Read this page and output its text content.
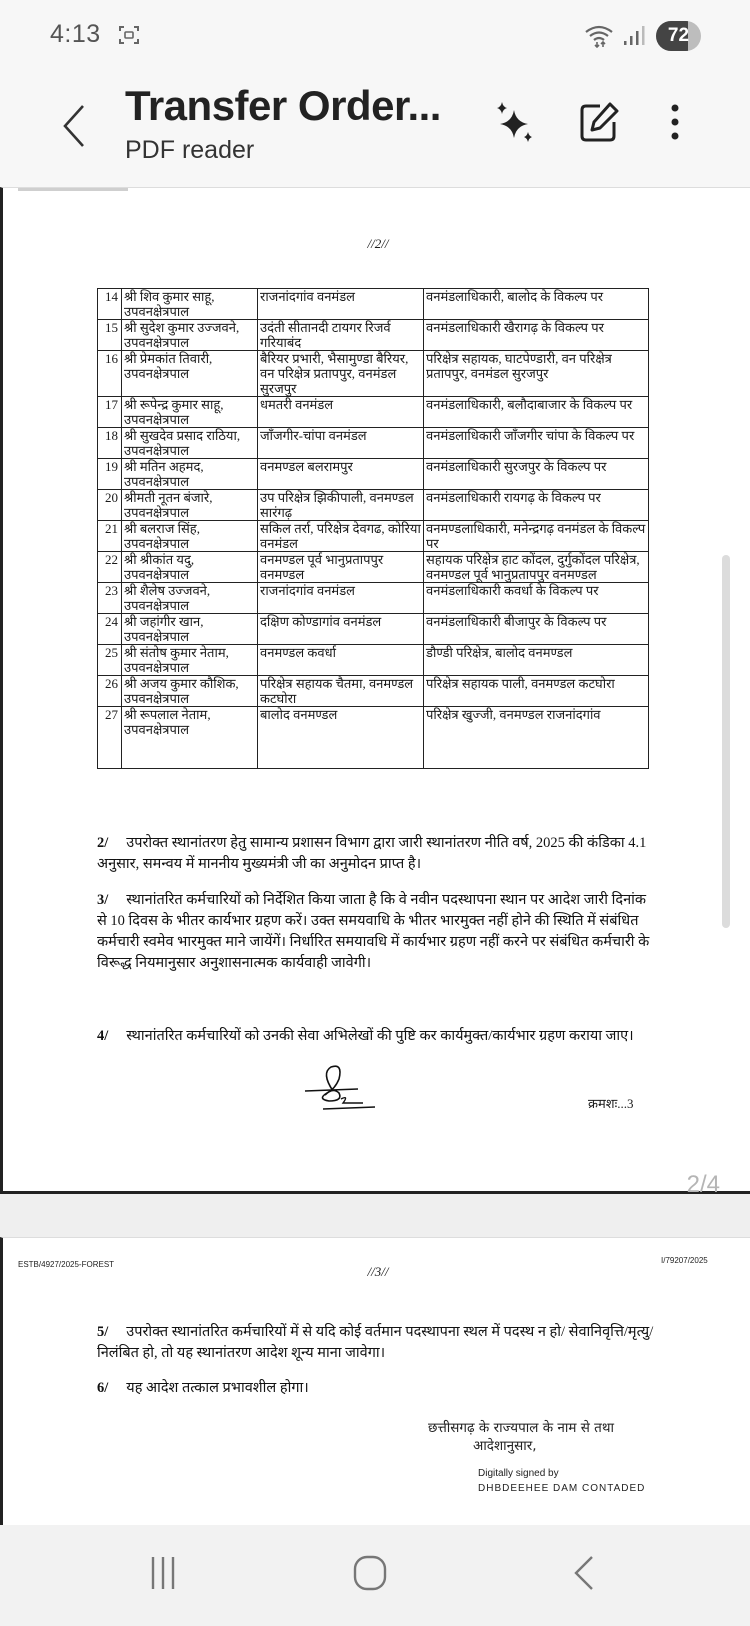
4:13	72
Transfer Order...
PDF reader
//2//
14	श्री शिव कुमार साहू, उपवनक्षेत्रपाल	राजनांदगांव वनमंडल	वनमंडलाधिकारी, बालोद के विकल्प पर
15	श्री सुदेश कुमार उज्जवने, उपवनक्षेत्रपाल	उदंती सीतानदी टायगर रिजर्व गरियाबंद	वनमंडलाधिकारी खैरागढ़ के विकल्प पर
16	श्री प्रेमकांत तिवारी, उपवनक्षेत्रपाल	बैरियर प्रभारी, भैसामुण्डा बैरियर, वन परिक्षेत्र प्रतापपुर, वनमंडल सुरजपुर	परिक्षेत्र सहायक, घाटपेण्डारी, वन परिक्षेत्र प्रतापपुर, वनमंडल सुरजपुर
17	श्री रूपेन्द्र कुमार साहू, उपवनक्षेत्रपाल	धमतरी वनमंडल	वनमंडलाधिकारी, बलौदाबाजार के विकल्प पर
18	श्री सुखदेव प्रसाद राठिया, उपवनक्षेत्रपाल	जाँजगीर-चांपा वनमंडल	वनमंडलाधिकारी जाँजगीर चांपा के विकल्प पर
19	श्री मतिन अहमद, उपवनक्षेत्रपाल	वनमण्डल बलरामपुर	वनमंडलाधिकारी सुरजपुर के विकल्प पर
20	श्रीमती नूतन बंजारे, उपवनक्षेत्रपाल	उप परिक्षेत्र झिकीपाली, वनमण्डल सारंगढ़	वनमंडलाधिकारी रायगढ़ के विकल्प पर
21	श्री बलराज सिंह, उपवनक्षेत्रपाल	सकिल तर्रा, परिक्षेत्र देवगढ, कोरिया वनमंडल	वनमण्डलाधिकारी, मनेन्द्रगढ़ वनमंडल के विकल्प पर
22	श्री श्रीकांत यदु, उपवनक्षेत्रपाल	वनमण्डल पूर्व भानुप्रतापपुर वनमण्डल	सहायक परिक्षेत्र हाट कोंदल, दुर्गुकोंदल परिक्षेत्र, वनमण्डल पूर्व भानुप्रतापपुर वनमण्डल
23	श्री शैलेष उज्जवने, उपवनक्षेत्रपाल	राजनांदगांव वनमंडल	वनमंडलाधिकारी कवर्धा के विकल्प पर
24	श्री जहांगीर खान, उपवनक्षेत्रपाल	दक्षिण कोण्डागांव वनमंडल	वनमंडलाधिकारी बीजापुर के विकल्प पर
25	श्री संतोष कुमार नेताम, उपवनक्षेत्रपाल	वनमण्डल कवर्धा	डौण्डी परिक्षेत्र, बालोद वनमण्डल
26	श्री अजय कुमार कौशिक, उपवनक्षेत्रपाल	परिक्षेत्र सहायक चैतमा, वनमण्डल कटघोरा	परिक्षेत्र सहायक पाली, वनमण्डल कटघोरा
27	श्री रूपलाल नेताम, उपवनक्षेत्रपाल	बालोद वनमण्डल	परिक्षेत्र खुज्जी, वनमण्डल राजनांदगांव
2/ उपरोक्त स्थानांतरण हेतु सामान्य प्रशासन विभाग द्वारा जारी स्थानांतरण नीति वर्ष, 2025 की कंडिका 4.1 अनुसार, समन्वय में माननीय मुख्यमंत्री जी का अनुमोदन प्राप्त है।
3/ स्थानांतरित कर्मचारियों को निर्देशित किया जाता है कि वे नवीन पदस्थापना स्थान पर आदेश जारी दिनांक से 10 दिवस के भीतर कार्यभार ग्रहण करें। उक्त समयवाधि के भीतर भारमुक्त नहीं होने की स्थिति में संबंधित कर्मचारी स्वमेव भारमुक्त माने जायेंगें। निर्धारित समयावधि में कार्यभार ग्रहण नहीं करने पर संबंधित कर्मचारी के विरूद्ध नियमानुसार अनुशासनात्मक कार्यवाही जावेगी।
4/ स्थानांतरित कर्मचारियों को उनकी सेवा अभिलेखों की पुष्टि कर कार्यमुक्त/कार्यभार ग्रहण कराया जाए।
क्रमशः...3
2/4
ESTB/4927/2025-FOREST	I/79207/2025
//3//
5/ उपरोक्त स्थानांतरित कर्मचारियों में से यदि कोई वर्तमान पदस्थापना स्थल में पदस्थ न हो/ सेवानिवृत्ति/मृत्यु/निलंबित हो, तो यह स्थानांतरण आदेश शून्य माना जावेगा।
6/ यह आदेश तत्काल प्रभावशील होगा।
छत्तीसगढ़ के राज्यपाल के नाम से तथा
आदेशानुसार,
Digitally signed by
DHBDEEHEE DAM CONTADED
